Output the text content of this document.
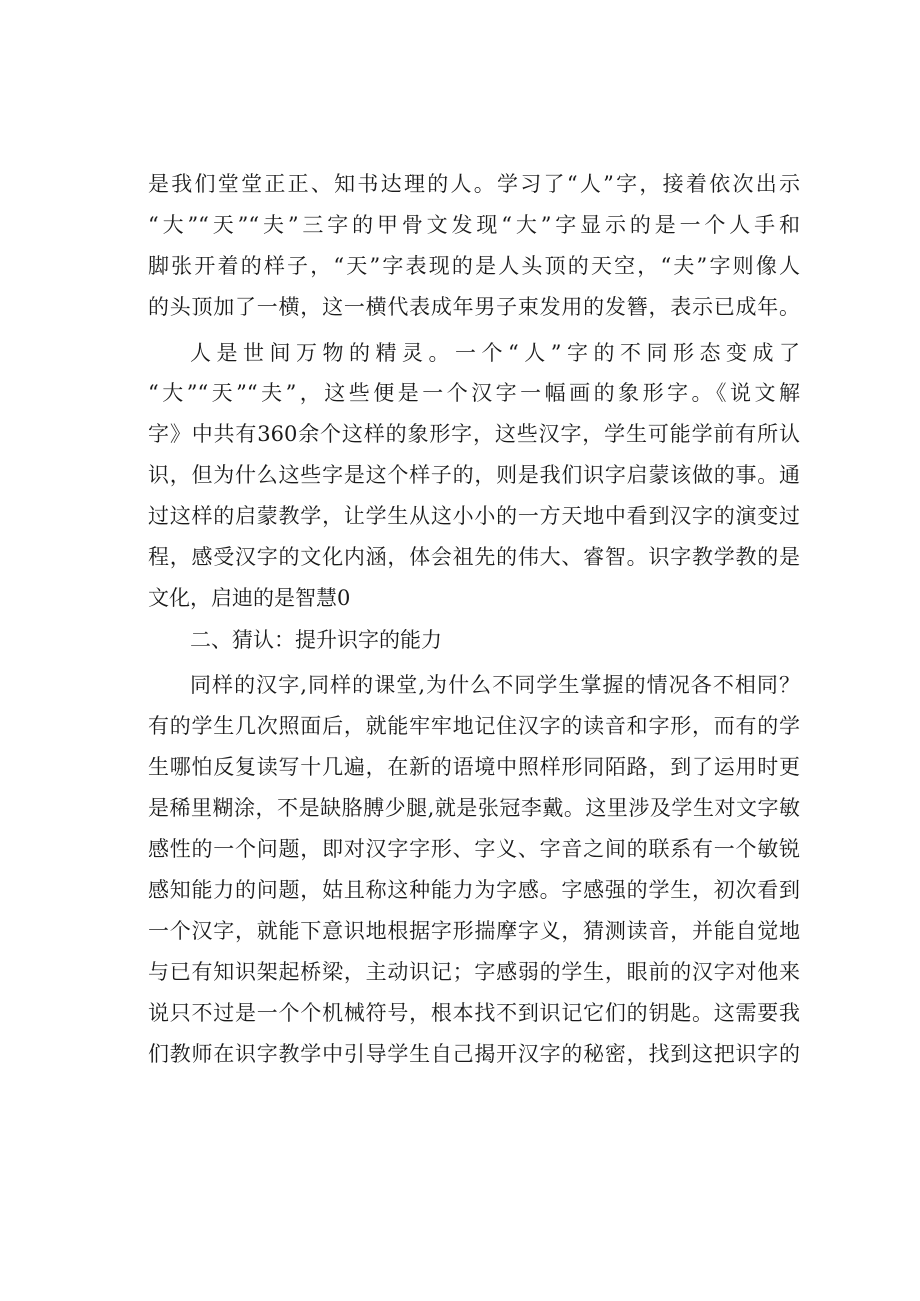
是我们堂堂正正、知书达理的人。学习了“人”字，接着依次出示
“大”“天”“夫”三字的甲骨文发现“大”字显示的是一个人手和
脚张开着的样子，“天”字表现的是人头顶的天空，“夫”字则像人
的头顶加了一横，这一横代表成年男子束发用的发簪，表示已成年。
人是世间万物的精灵。一个“人”字的不同形态变成了
“大”“天”“夫”，这些便是一个汉字一幅画的象形字。《说文解
字》中共有360余个这样的象形字，这些汉字，学生可能学前有所认
识，但为什么这些字是这个样子的，则是我们识字启蒙该做的事。通
过这样的启蒙教学，让学生从这小小的一方天地中看到汉字的演变过
程，感受汉字的文化内涵，体会祖先的伟大、睿智。识字教学教的是
文化，启迪的是智慧0
二、猜认：提升识字的能力
同样的汉字,同样的课堂,为什么不同学生掌握的情况各不相同？
有的学生几次照面后，就能牢牢地记住汉字的读音和字形，而有的学
生哪怕反复读写十几遍，在新的语境中照样形同陌路，到了运用时更
是稀里糊涂，不是缺胳膊少腿,就是张冠李戴。这里涉及学生对文字敏
感性的一个问题，即对汉字字形、字义、字音之间的联系有一个敏锐
感知能力的问题，姑且称这种能力为字感。字感强的学生，初次看到
一个汉字，就能下意识地根据字形揣摩字义，猜测读音，并能自觉地
与已有知识架起桥梁，主动识记；字感弱的学生，眼前的汉字对他来
说只不过是一个个机械符号，根本找不到识记它们的钥匙。这需要我
们教师在识字教学中引导学生自己揭开汉字的秘密，找到这把识字的
